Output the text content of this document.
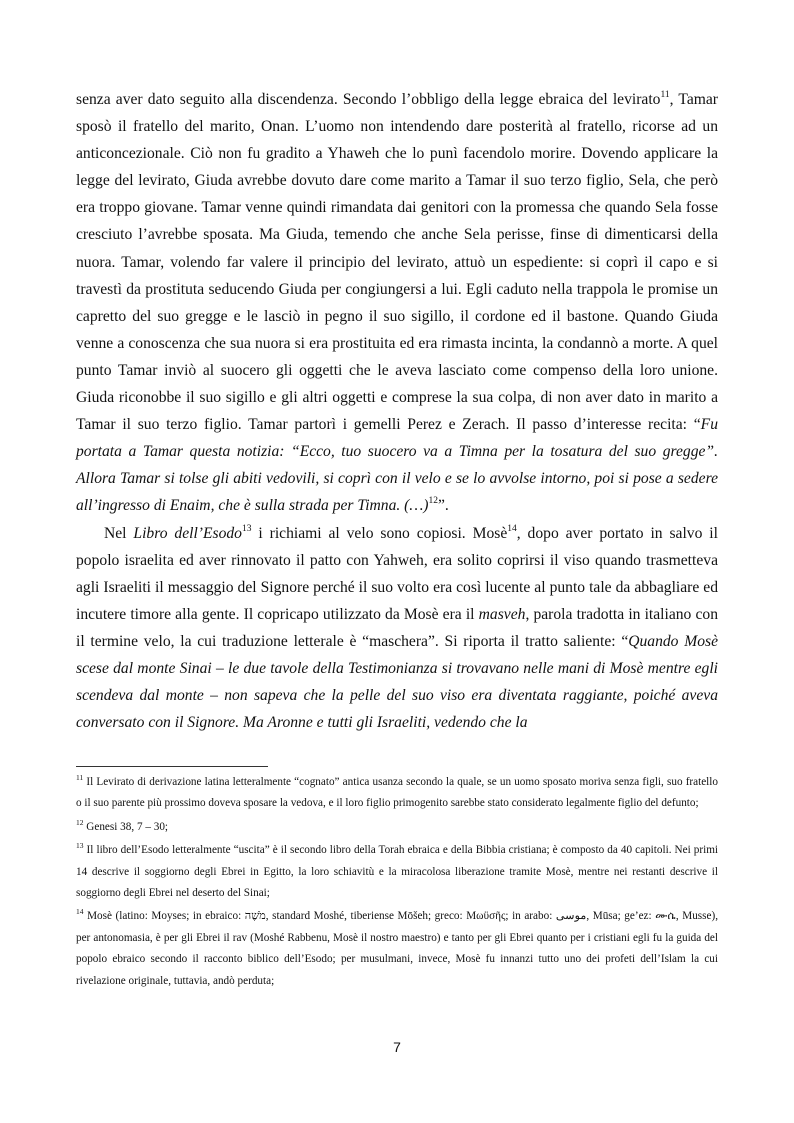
senza aver dato seguito alla discendenza. Secondo l’obbligo della legge ebraica del levirato$^{11}$, Tamar sposò il fratello del marito, Onan. L’uomo non intendendo dare posterità al fratello, ricorse ad un anticoncezionale. Ciò non fu gradito a Yhaweh che lo punì facendolo morire. Dovendo applicare la legge del levirato, Giuda avrebbe dovuto dare come marito a Tamar il suo terzo figlio, Sela, che però era troppo giovane. Tamar venne quindi rimandata dai genitori con la promessa che quando Sela fosse cresciuto l’avrebbe sposata. Ma Giuda, temendo che anche Sela perisse, finse di dimenticarsi della nuora. Tamar, volendo far valere il principio del levirato, attuò un espediente: si coprì il capo e si travestì da prostituta seducendo Giuda per congiungersi a lui. Egli caduto nella trappola le promise un capretto del suo gregge e le lasciò in pegno il suo sigillo, il cordone ed il bastone. Quando Giuda venne a conoscenza che sua nuora si era prostituita ed era rimasta incinta, la condannò a morte. A quel punto Tamar inviò al suocero gli oggetti che le aveva lasciato come compenso della loro unione. Giuda riconobbe il suo sigillo e gli altri oggetti e comprese la sua colpa, di non aver dato in marito a Tamar il suo terzo figlio. Tamar partorì i gemelli Perez e Zerach. Il passo d’interesse recita: “Fu portata a Tamar questa notizia: “Ecco, tuo suocero va a Timna per la tosatura del suo gregge”. Allora Tamar si tolse gli abiti vedovili, si coprì con il velo e se lo avvolse intorno, poi si pose a sedere all’ingresso di Enaim, che è sulla strada per Timna. (…)$^{12}$”.

Nel Libro dell’Esodo$^{13}$ i richiami al velo sono copiosi. Mosè$^{14}$, dopo aver portato in salvo il popolo israelita ed aver rinnovato il patto con Yahweh, era solito coprirsi il viso quando trasmetteva agli Israeliti il messaggio del Signore perché il suo volto era così lucente al punto tale da abbagliare ed incutere timore alla gente. Il copricapo utilizzato da Mosè era il masveh, parola tradotta in italiano con il termine velo, la cui traduzione letterale è “maschera”. Si riporta il tratto saliente: “Quando Mosè scese dal monte Sinai – le due tavole della Testimonianza si trovavano nelle mani di Mosè mentre egli scendeva dal monte – non sapeva che la pelle del suo viso era diventata raggiante, poiché aveva conversato con il Signore. Ma Aronne e tutti gli Israeliti, vedendo che la

$^{11}$ Il Levirato di derivazione latina letteralmente “cognato” antica usanza secondo la quale, se un uomo sposato moriva senza figli, suo fratello o il suo parente più prossimo doveva sposare la vedova, e il loro figlio primogenito sarebbe stato considerato legalmente figlio del defunto;

$^{12}$ Genesi 38, 7 – 30;

$^{13}$ Il libro dell’Esodo letteralmente “uscita” è il secondo libro della Torah ebraica e della Bibbia cristiana; è composto da 40 capitoli. Nei primi 14 descrive il soggiorno degli Ebrei in Egitto, la loro schiavitù e la miracolosa liberazione tramite Mosè, mentre nei restanti descrive il soggiorno degli Ebrei nel deserto del Sinai;

$^{14}$ Mosè (latino: Moyses; in ebraico: מֹשֶׁה, standard Moshé, tiberiense Mōšeh; greco: Μωϋσῆς; in arabo: موسى, Mūsa; ge’ez: ሙሴ, Musse), per antonomasia, è per gli Ebrei il rav (Moshé Rabbenu, Mosè il nostro maestro) e tanto per gli Ebrei quanto per i cristiani egli fu la guida del popolo ebraico secondo il racconto biblico dell’Esodo; per musulmani, invece, Mosè fu innanzi tutto uno dei profeti dell’Islam la cui rivelazione originale, tuttavia, andò perduta;

7
